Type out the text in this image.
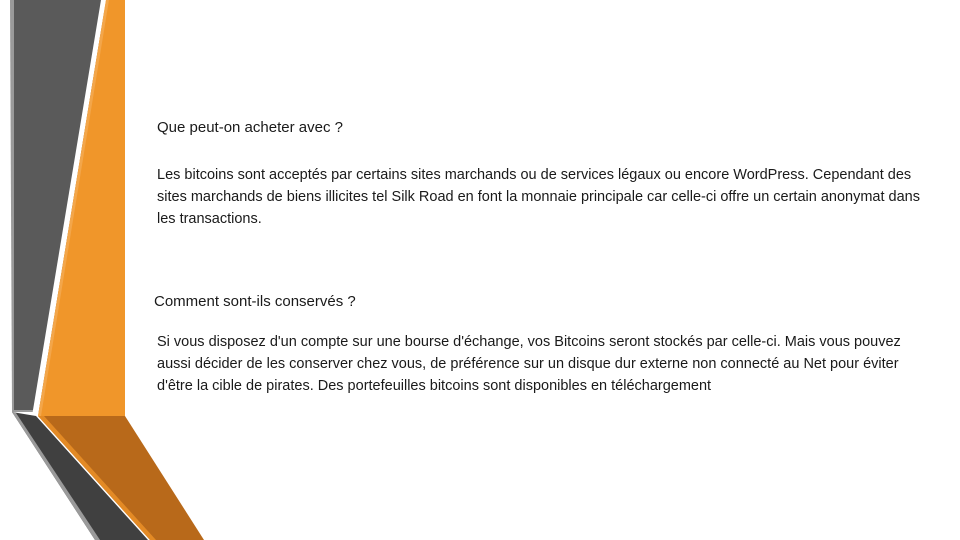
Que peut-on acheter avec ?

Les bitcoins sont acceptés par certains sites marchands ou de services légaux ou encore WordPress. Cependant des sites marchands de biens illicites tel Silk Road en font la monnaie principale car celle-ci offre un certain anonymat dans les transactions.

Comment sont-ils conservés ?

Si vous disposez d'un compte sur une bourse d'échange, vos Bitcoins seront stockés par celle-ci. Mais vous pouvez aussi décider de les conserver chez vous, de préférence sur un disque dur externe non connecté au Net pour éviter d'être la cible de pirates. Des portefeuilles bitcoins sont disponibles en téléchargement
